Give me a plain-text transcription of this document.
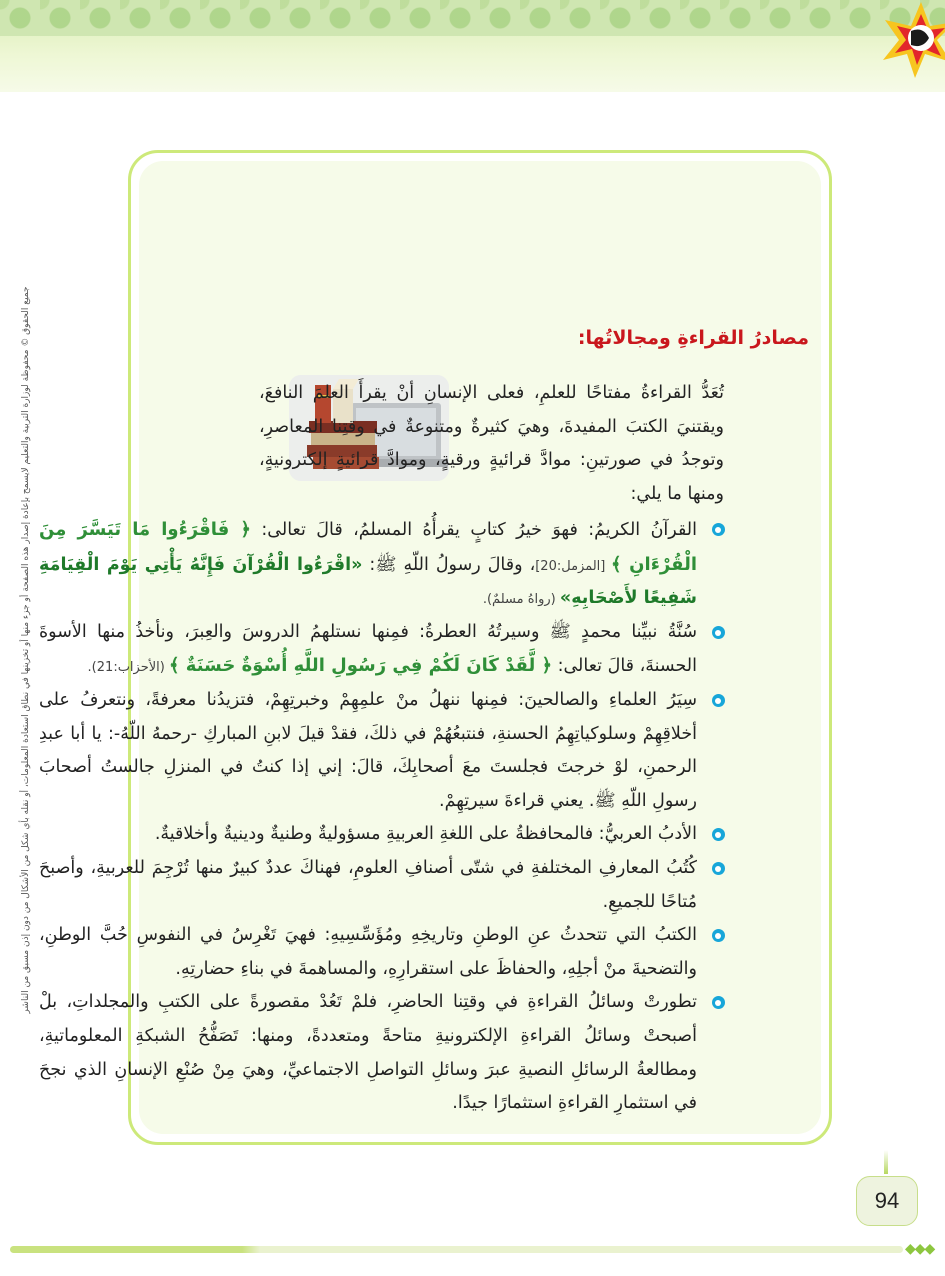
جميع الحقوق © محفوظة لوزارة التربية والتعليم لايسمح بإعادة إصدار هذه الصفحة أو جزء منها أو تخزينها في نطاق استعادة المعلومات، أو نقله بأي شكل من الأشكال من دون إذن مسبق من الناشر	مصادرُ القراءةِ ومجالاتُها:

تُعَدُّ القراءةُ مفتاحًا للعلمِ، فعلى الإنسانِ أنْ يقرأَ العلمَ النافعَ، ويقتنيَ الكتبَ المفيدةَ، وهيَ كثيرةٌ ومتنوعةٌ في وقتِنا المعاصرِ، وتوجدُ في صورتينِ: موادَّ قرائيةٍ ورقيةٍ، وموادَّ قرائيةٍ إلكترونيةٍ، ومنها ما يلي:

القرآنُ الكريمُ: فهوَ خيرُ كتابٍ يقرأُهُ المسلمُ، قالَ تعالى: ﴿ فَاقْرَءُوا مَا تَيَسَّرَ مِنَ الْقُرْءَانِ ﴾ [المزمل:20]، وقالَ رسولُ اللّهِ ﷺ: «اقْرَءُوا الْقُرْآنَ فَإِنَّهُ يَأْتِي يَوْمَ الْقِيَامَةِ شَفِيعًا لأَصْحَابِهِ» (رواهُ مسلمٌ).
سُنَّةُ نبيِّنا محمدٍ ﷺ وسيرتُهُ العطرةُ: فمِنها نستلهمُ الدروسَ والعِبرَ، ونأخذُ منها الأسوةَ الحسنةَ، قالَ تعالى: ﴿ لَّقَدْ كَانَ لَكُمْ فِي رَسُولِ اللَّهِ أُسْوَةٌ حَسَنَةٌ ﴾ (الأحزاب:21).
سِيَرُ العلماءِ والصالحينَ: فمِنها ننهلُ منْ علمِهِمْ وخبرتِهِمْ، فتزيدُنا معرفةً، ونتعرفُ على أخلاقِهِمْ وسلوكياتِهِمُ الحسنةِ، فنتبعُهُمْ في ذلكَ، فقدْ قيلَ لابنِ المباركِ -رحمهُ اللّهُ-: يا أبا عبدِ الرحمنِ، لوْ خرجتَ فجلستَ معَ أصحابِكَ، قالَ: إني إذا كنتُ في المنزلِ جالستُ أصحابَ رسولِ اللّهِ ﷺ. يعني قراءةَ سيرتِهِمْ.
الأدبُ العربيُّ: فالمحافظةُ على اللغةِ العربيةِ مسؤوليةٌ وطنيةٌ ودينيةٌ وأخلاقيةٌ.
كُتُبُ المعارفِ المختلفةِ في شتّى أصنافِ العلومِ، فهناكَ عددٌ كبيرٌ منها تُرْجِمَ للعربيةِ، وأصبحَ مُتاحًا للجميعِ.
الكتبُ التي تتحدثُ عنِ الوطنِ وتاريخِهِ ومُؤَسِّسِيهِ: فهيَ تَغْرِسُ في النفوسِ حُبَّ الوطنِ، والتضحيةَ منْ أجلِهِ، والحفاظَ على استقرارِهِ، والمساهمةَ في بناءِ حضارتِهِ.
تطورتْ وسائلُ القراءةِ في وقتِنا الحاضرِ، فلمْ تَعُدْ مقصورةً على الكتبِ والمجلداتِ، بلْ أصبحتْ وسائلُ القراءةِ الإلكترونيةِ متاحةً ومتعددةً، ومنها: تَصَفُّحُ الشبكةِ المعلوماتيةِ، ومطالعةُ الرسائلِ النصيةِ عبرَ وسائلِ التواصلِ الاجتماعيِّ، وهيَ مِنْ صُنْعِ الإنسانِ الذي نجحَ في استثمارِ القراءةِ استثمارًا جيدًا.
94
◆◆◆
